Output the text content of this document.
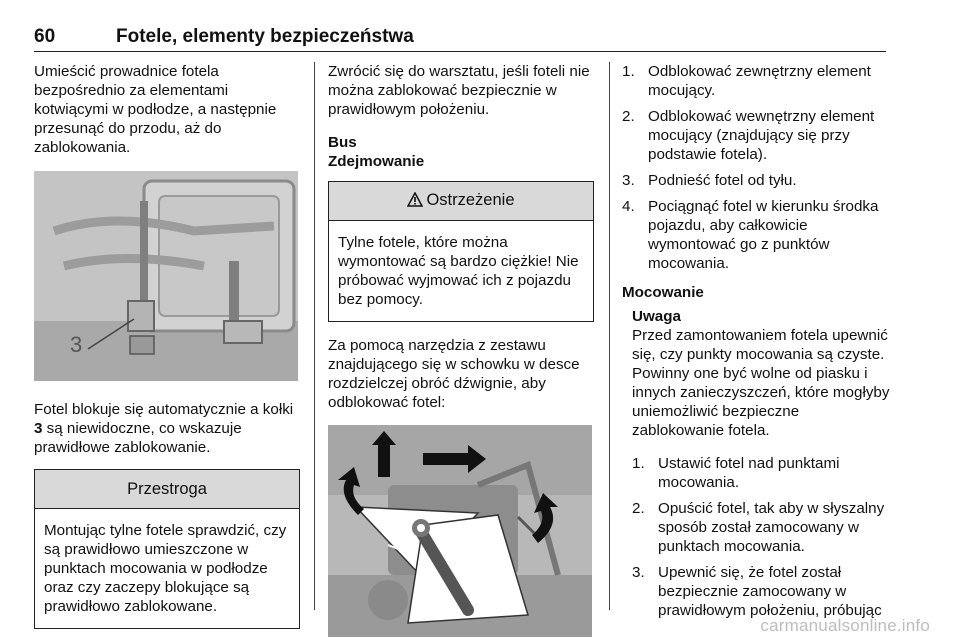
60	Fotele, elementy bezpieczeństwa

Umieścić prowadnice fotela bezpośrednio za elementami kotwiącymi w podłodze, a następnie przesunąć do przodu, aż do zablokowania.

3

Fotel blokuje się automatycznie a kołki 3 są niewidoczne, co wskazuje prawidłowe zablokowanie.

Przestroga
Montując tylne fotele sprawdzić, czy są prawidłowo umieszczone w punktach mocowania w podłodze oraz czy zaczepy blokujące są prawidłowo zablokowane.

Zwrócić się do warsztatu, jeśli foteli nie można zablokować bezpiecznie w prawidłowym położeniu.

Bus

Zdejmowanie

Ostrzeżenie
Tylne fotele, które można wymontować są bardzo ciężkie! Nie próbować wyjmować ich z pojazdu bez pomocy.

Za pomocą narzędzia z zestawu znajdującego się w schowku w desce rozdzielczej obróć dźwignie, aby odblokować fotel:

1. Odblokować zewnętrzny element mocujący.
2. Odblokować wewnętrzny element mocujący (znajdujący się przy podstawie fotela).
3. Podnieść fotel od tyłu.
4. Pociągnąć fotel w kierunku środka pojazdu, aby całkowicie wymontować go z punktów mocowania.

Mocowanie

Uwaga

Przed zamontowaniem fotela upewnić się, czy punkty mocowania są czyste. Powinny one być wolne od piasku i innych zanieczyszczeń, które mogłyby uniemożliwić bezpieczne zablokowanie fotela.

1. Ustawić fotel nad punktami mocowania.
2. Opuścić fotel, tak aby w słyszalny sposób został zamocowany w punktach mocowania.
3. Upewnić się, że fotel został bezpiecznie zamocowany w prawidłowym położeniu, próbując
carmanualsonline.info
